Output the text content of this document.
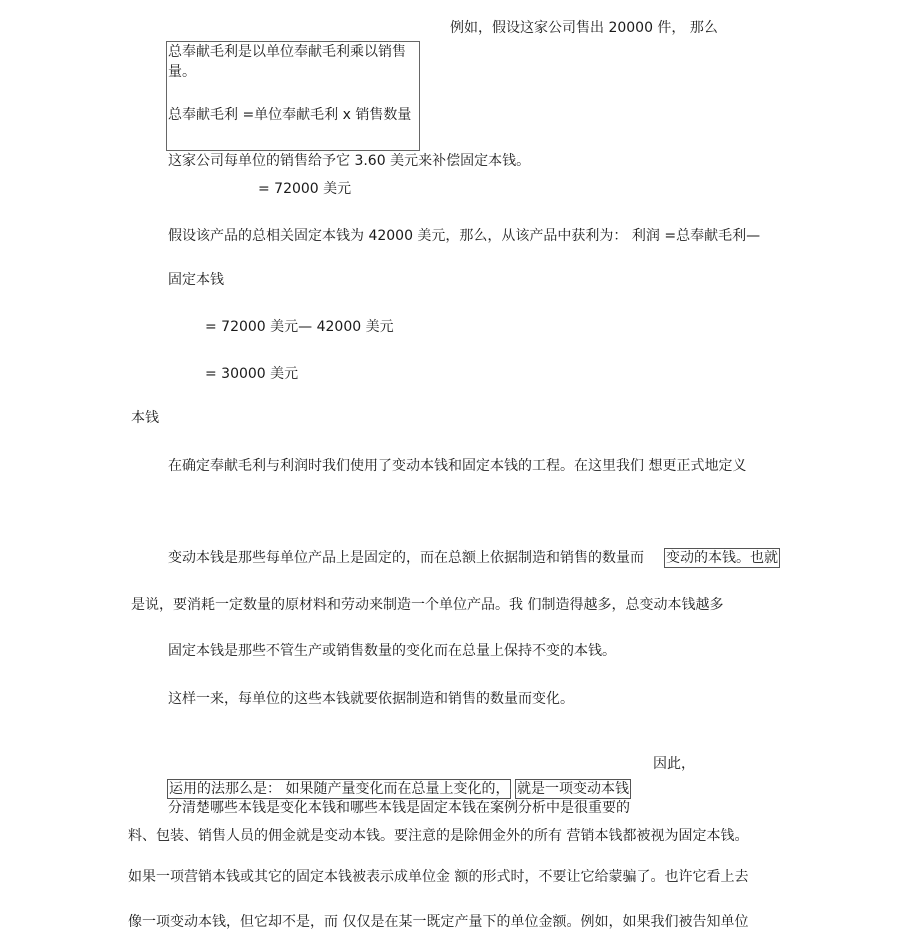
例如，假设这家公司售出 20000 件， 那么
总奉献毛利是以单位奉献毛利乘以销售
量。
总奉献毛利 =单位奉献毛利 x 销售数量
这家公司每单位的销售给予它 3.60 美元来补偿固定本钱。
= 72000 美元
假设该产品的总相关固定本钱为 42000 美元，那么，从该产品中获利为： 利润 =总奉献毛利—
固定本钱
= 72000 美元— 42000 美元
= 30000 美元
本钱
在确定奉献毛利与利润时我们使用了变动本钱和固定本钱的工程。在这里我们 想更正式地定义
变动本钱是那些每单位产品上是固定的，而在总额上依据制造和销售的数量而 变动的本钱。也就
是说，要消耗一定数量的原材料和劳动来制造一个单位产品。我 们制造得越多，总变动本钱越多
固定本钱是那些不管生产或销售数量的变化而在总量上保持不变的本钱。
这样一来，每单位的这些本钱就要依据制造和销售的数量而变化。
因此，
运用的法那么是： 如果随产量变化而在总量上变化的， 就是一项变动本钱
分清楚哪些本钱是变化本钱和哪些本钱是固定本钱在案例分析中是很重要的
料、包装、销售人员的佣金就是变动本钱。要注意的是除佣金外的所有 营销本钱都被视为固定本钱。
如果一项营销本钱或其它的固定本钱被表示成单位金 额的形式时，不要让它给蒙骗了。也许它看上去
像一项变动本钱，但它却不是，而 仅仅是在某一既定产量下的单位金额。例如，如果我们被告知单位
